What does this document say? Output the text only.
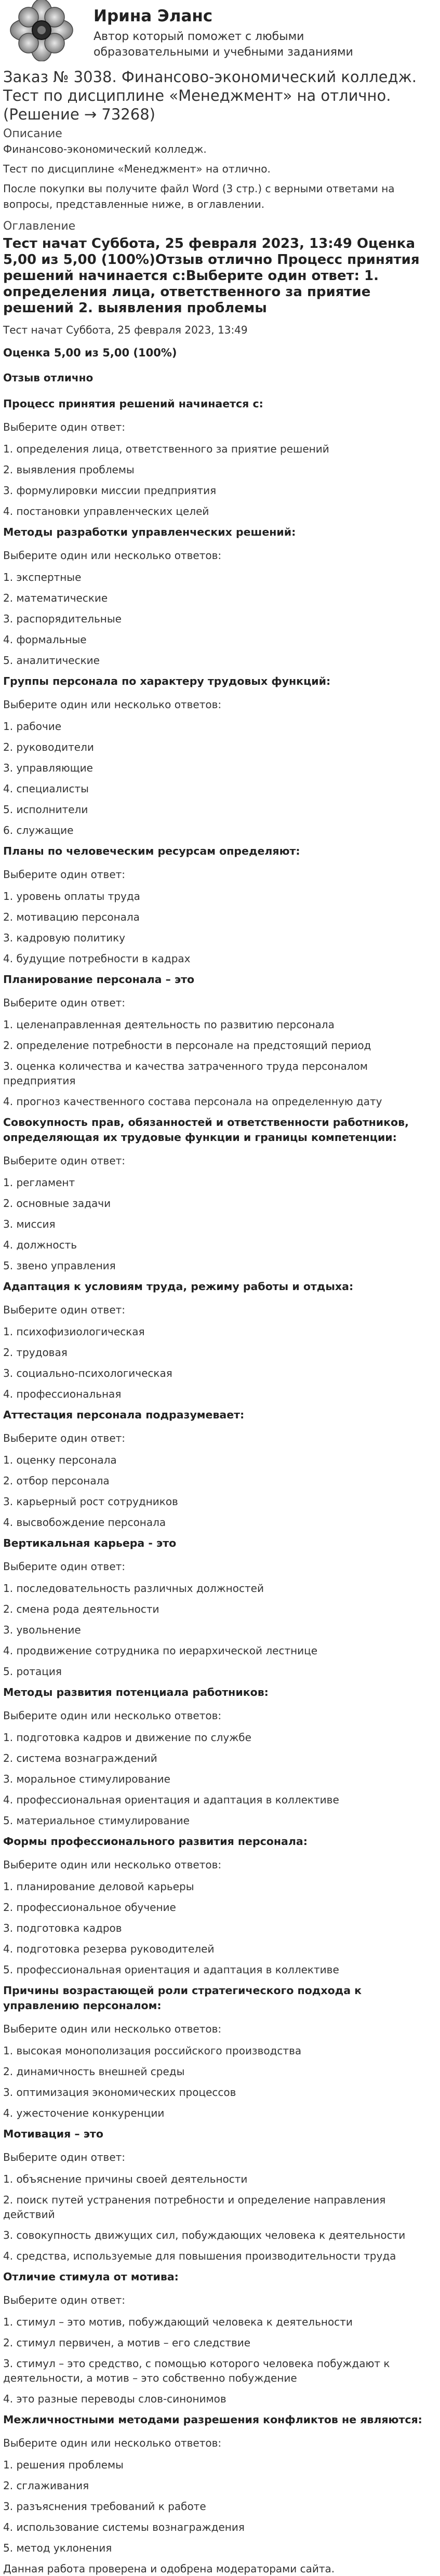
Ирина Эланс
Автор который поможет с любыми образовательными и учебными заданиями
Заказ № 3038. Финансово-экономический колледж. Тест по дисциплине «Менеджмент» на отлично. (Решение → 73268)
Описание
Финансово-экономический колледж.
Тест по дисциплине «Менеджмент» на отлично.
После покупки вы получите файл Word (3 стр.) с верными ответами на вопросы, представленные ниже, в оглавлении.
Оглавление
Тест начат Суббота, 25 февраля 2023, 13:49 Оценка 5,00 из 5,00 (100%)Отзыв отлично Процесс принятия решений начинается с:Выберите один ответ: 1. определения лица, ответственного за приятие решений 2. выявления проблемы
Тест начат Суббота, 25 февраля 2023, 13:49
Оценка 5,00 из 5,00 (100%)
Отзыв отлично
Процесс принятия решений начинается с:
Выберите один ответ:
1. определения лица, ответственного за приятие решений
2. выявления проблемы
3. формулировки миссии предприятия
4. постановки управленческих целей
Методы разработки управленческих решений:
Выберите один или несколько ответов:
1. экспертные
2. математические
3. распорядительные
4. формальные
5. аналитические
Группы персонала по характеру трудовых функций:
Выберите один или несколько ответов:
1. рабочие
2. руководители
3. управляющие
4. специалисты
5. исполнители
6. служащие
Планы по человеческим ресурсам определяют:
Выберите один ответ:
1. уровень оплаты труда
2. мотивацию персонала
3. кадровую политику
4. будущие потребности в кадрах
Планирование персонала – это
Выберите один ответ:
1. целенаправленная деятельность по развитию персонала
2. определение потребности в персонале на предстоящий период
3. оценка количества и качества затраченного труда персоналом предприятия
4. прогноз качественного состава персонала на определенную дату
Совокупность прав, обязанностей и ответственности работников, определяющая их трудовые функции и границы компетенции:
Выберите один ответ:
1. регламент
2. основные задачи
3. миссия
4. должность
5. звено управления
Адаптация к условиям труда, режиму работы и отдыха:
Выберите один ответ:
1. психофизиологическая
2. трудовая
3. социально-психологическая
4. профессиональная
Аттестация персонала подразумевает:
Выберите один ответ:
1. оценку персонала
2. отбор персонала
3. карьерный рост сотрудников
4. высвобождение персонала
Вертикальная карьера - это
Выберите один ответ:
1. последовательность различных должностей
2. смена рода деятельности
3. увольнение
4. продвижение сотрудника по иерархической лестнице
5. ротация
Методы развития потенциала работников:
Выберите один или несколько ответов:
1. подготовка кадров и движение по службе
2. система вознаграждений
3. моральное стимулирование
4. профессиональная ориентация и адаптация в коллективе
5. материальное стимулирование
Формы профессионального развития персонала:
Выберите один или несколько ответов:
1. планирование деловой карьеры
2. профессиональное обучение
3. подготовка кадров
4. подготовка резерва руководителей
5. профессиональная ориентация и адаптация в коллективе
Причины возрастающей роли стратегического подхода к управлению персоналом:
Выберите один или несколько ответов:
1. высокая монополизация российского производства
2. динамичность внешней среды
3. оптимизация экономических процессов
4. ужесточение конкуренции
Мотивация – это
Выберите один ответ:
1. объяснение причины своей деятельности
2. поиск путей устранения потребности и определение направления действий
3. совокупность движущих сил, побуждающих человека к деятельности
4. средства, используемые для повышения производительности труда
Отличие стимула от мотива:
Выберите один ответ:
1. стимул – это мотив, побуждающий человека к деятельности
2. стимул первичен, а мотив – его следствие
3. стимул – это средство, с помощью которого человека побуждают к деятельности, а мотив – это собственно побуждение
4. это разные переводы слов-синонимов
Межличностными методами разрешения конфликтов не являются:
Выберите один или несколько ответов:
1. решения проблемы
2. сглаживания
3. разъяснения требований к работе
4. использование системы вознаграждения
5. метод уклонения
Данная работа проверена и одобрена модераторами сайта.
